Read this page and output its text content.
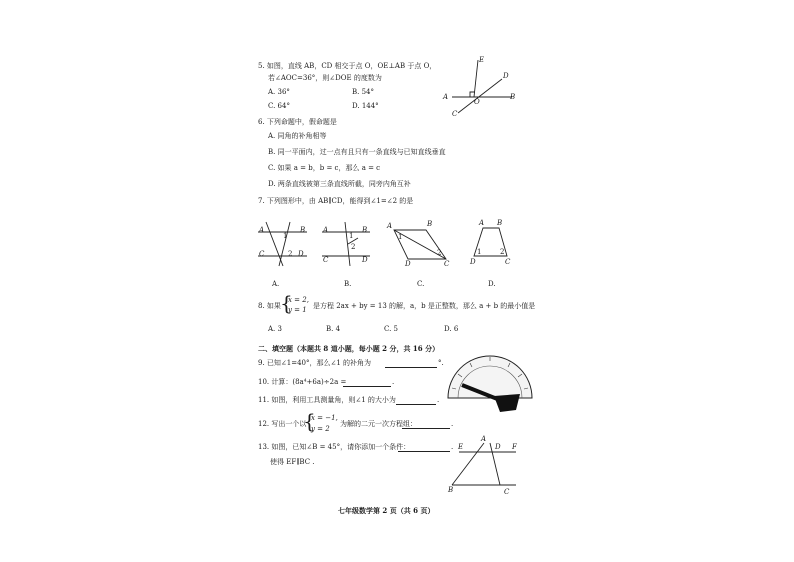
5. 如图，直线 AB，CD 相交于点 O，OE⊥AB 于点 O，
若∠AOC=36°，则∠DOE 的度数为
A. 36°	B. 54°
C. 64°	D. 144°
E
D
A
O
B
C
6. 下列命题中，假命题是
A. 同角的补角相等
B. 同一平面内，过一点有且只有一条直线与已知直线垂直
C. 如果 a = b，b = c，那么 a = c
D. 两条直线被第三条直线所截，同旁内角互补
7. 下列图形中，由 AB∥CD，能得到∠1=∠2 的是
A
1
B
C	2 D
A
1
B
2
C	D
A	B
1
2
D	C
A B
1	2
D	C
A.	B.	C.	D.
8. 如果 {
x = 2,
y = 1 是方程 2ax + by = 13 的解，a，b 是正整数，那么 a + b 的最小值是
A. 3	B. 4	C. 5	D. 6
二、填空题（本题共 8 道小题，每小题 2 分，共 16 分）
9. 已知∠1=40°，那么∠1 的补角为	°.
10. 计算：(8a⁴+6a)÷2a =	.
11. 如图，利用工具测量角，则∠1 的大小为	.
12. 写出一个以
{
x = −1,
y = 2
为解的二元一次方程组：	.
13. 如图，已知∠B = 45°，请你添加一个条件：	.
使得 EF∥BC .
E
A
D F
B	C
七年级数学第 2 页（共 6 页）
